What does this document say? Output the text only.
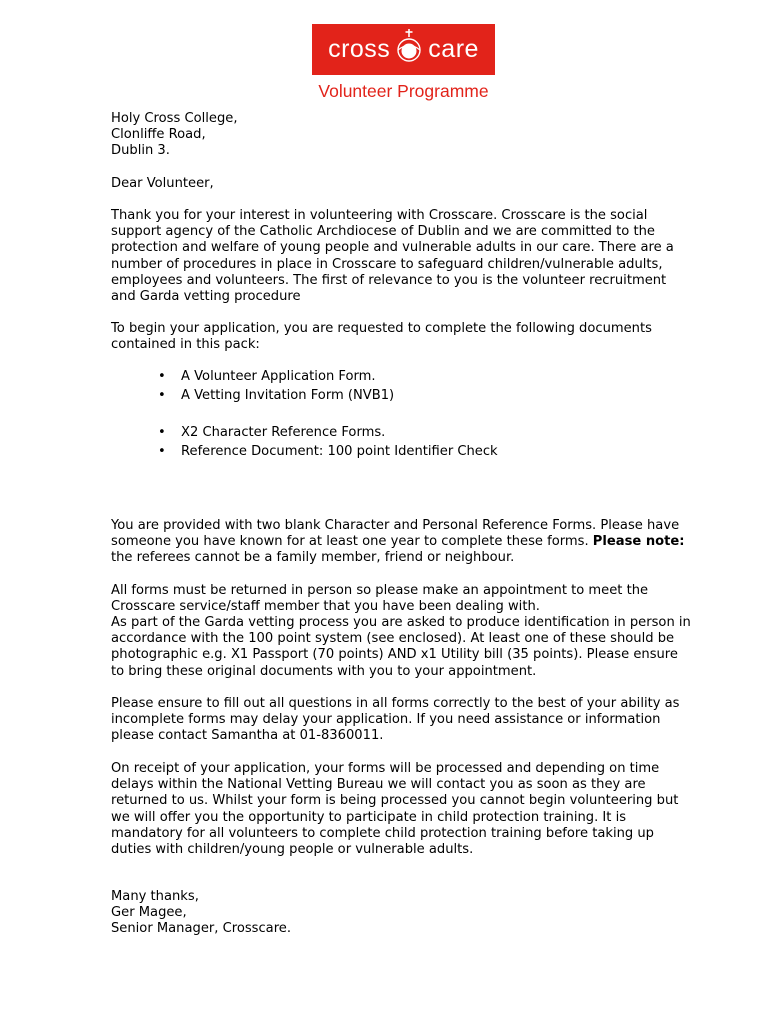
cross care
Volunteer Programme
Holy Cross College,
Clonliffe Road,
Dublin 3.

Dear Volunteer,

Thank you for your interest in volunteering with Crosscare. Crosscare is the social support agency of the Catholic Archdiocese of Dublin and we are committed to the protection and welfare of young people and vulnerable adults in our care. There are a number of procedures in place in Crosscare to safeguard children/vulnerable adults, employees and volunteers. The first of relevance to you is the volunteer recruitment and Garda vetting procedure

To begin your application, you are requested to complete the following documents contained in this pack:

• A Volunteer Application Form.
• A Vetting Invitation Form (NVB1)
• X2 Character Reference Forms.
• Reference Document: 100 point Identifier Check

You are provided with two blank Character and Personal Reference Forms. Please have someone you have known for at least one year to complete these forms. Please note: the referees cannot be a family member, friend or neighbour.

All forms must be returned in person so please make an appointment to meet the Crosscare service/staff member that you have been dealing with.

As part of the Garda vetting process you are asked to produce identification in person in accordance with the 100 point system (see enclosed). At least one of these should be photographic e.g. X1 Passport (70 points) AND x1 Utility bill (35 points). Please ensure to bring these original documents with you to your appointment.

Please ensure to fill out all questions in all forms correctly to the best of your ability as incomplete forms may delay your application. If you need assistance or information please contact Samantha at 01-8360011.

On receipt of your application, your forms will be processed and depending on time delays within the National Vetting Bureau we will contact you as soon as they are returned to us. Whilst your form is being processed you cannot begin volunteering but we will offer you the opportunity to participate in child protection training. It is mandatory for all volunteers to complete child protection training before taking up duties with children/young people or vulnerable adults.

Many thanks,
Ger Magee,
Senior Manager, Crosscare.
